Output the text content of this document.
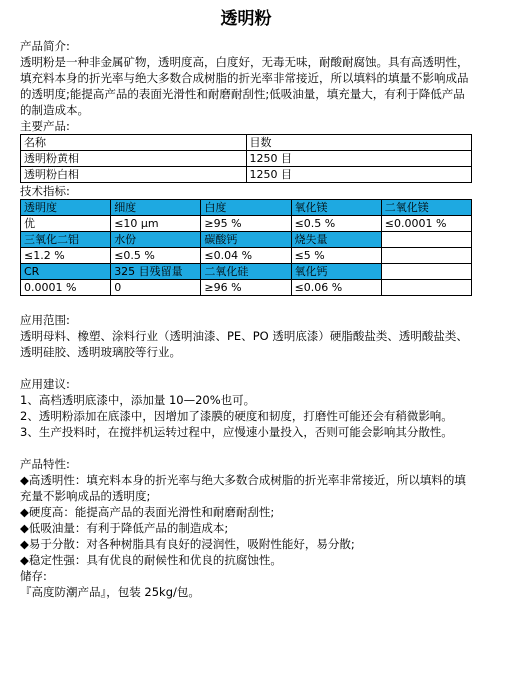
透明粉

产品简介:

透明粉是一种非金属矿物，透明度高，白度好，无毒无味，耐酸耐腐蚀。具有高透明性，填充料本身的折光率与绝大多数合成树脂的折光率非常接近，所以填料的填量不影响成品的透明度;能提高产品的表面光滑性和耐磨耐刮性;低吸油量，填充量大，有利于降低产品的制造成本。

主要产品:

名称	目数
透明粉黄相	1250 目
透明粉白相	1250 目

技术指标:

透明度	细度	白度	氧化镁	二氧化镁
优	≤10 μm	≥95 %	≤0.5 %	≤0.0001 %
三氧化二铝	水份	碳酸钙	烧失量	
≤1.2 %	≤0.5 %	≤0.04 %	≤5 %	
CR	325 目残留量	二氧化硅	氧化钙	
0.0001 %	0	≥96 %	≤0.06 %	

应用范围:

透明母料、橡塑、涂料行业（透明油漆、PE、PO 透明底漆）硬脂酸盐类、透明酸盐类、透明硅胶、透明玻璃胶等行业。

应用建议:

1、高档透明底漆中，添加量 10—20%也可。

2、透明粉添加在底漆中，因增加了漆膜的硬度和韧度，打磨性可能还会有稍微影响。

3、生产投料时，在搅拌机运转过程中，应慢速小量投入，否则可能会影响其分散性。

产品特性:

◆高透明性：填充料本身的折光率与绝大多数合成树脂的折光率非常接近，所以填料的填充量不影响成品的透明度;

◆硬度高：能提高产品的表面光滑性和耐磨耐刮性;

◆低吸油量：有利于降低产品的制造成本;

◆易于分散：对各种树脂具有良好的浸润性，吸附性能好，易分散;

◆稳定性强：具有优良的耐候性和优良的抗腐蚀性。

储存:

『高度防潮产品』，包装 25kg/包。
